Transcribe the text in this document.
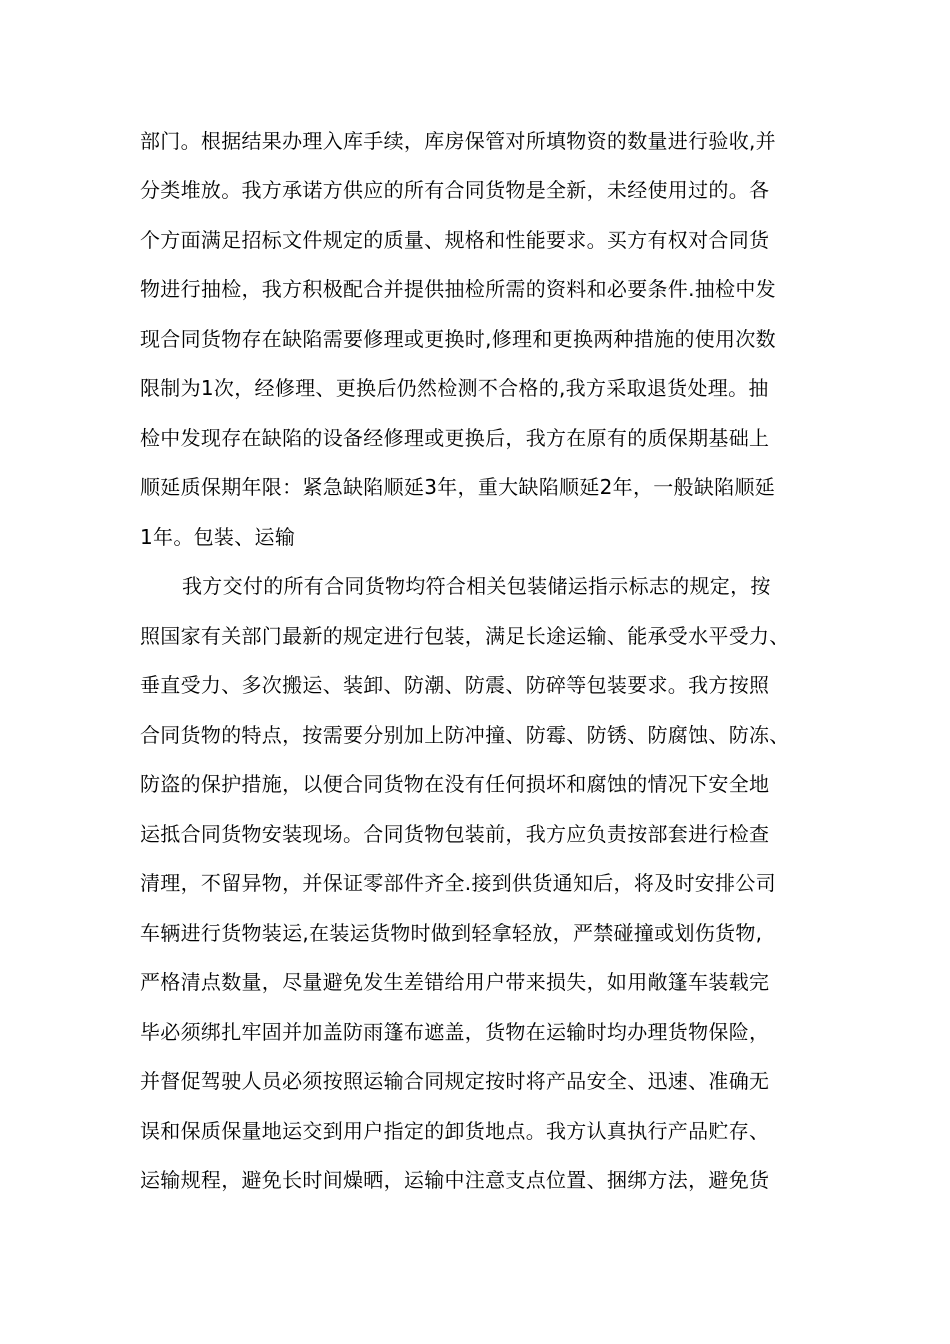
部门。根据结果办理入库手续，库房保管对所填物资的数量进行验收,并
分类堆放。我方承诺方供应的所有合同货物是全新，未经使用过的。各
个方面满足招标文件规定的质量、规格和性能要求。买方有权对合同货
物进行抽检，我方积极配合并提供抽检所需的资料和必要条件.抽检中发
现合同货物存在缺陷需要修理或更换时,修理和更换两种措施的使用次数
限制为1次，经修理、更换后仍然检测不合格的,我方采取退货处理。抽
检中发现存在缺陷的设备经修理或更换后，我方在原有的质保期基础上
顺延质保期年限：紧急缺陷顺延3年，重大缺陷顺延2年，一般缺陷顺延
1年。包装、运输
我方交付的所有合同货物均符合相关包装储运指示标志的规定，按
照国家有关部门最新的规定进行包装，满足长途运输、能承受水平受力、
垂直受力、多次搬运、装卸、防潮、防震、防碎等包装要求。我方按照
合同货物的特点，按需要分别加上防冲撞、防霉、防锈、防腐蚀、防冻、
防盗的保护措施，以便合同货物在没有任何损坏和腐蚀的情况下安全地
运抵合同货物安装现场。合同货物包装前，我方应负责按部套进行检查
清理，不留异物，并保证零部件齐全.接到供货通知后，将及时安排公司
车辆进行货物装运,在装运货物时做到轻拿轻放，严禁碰撞或划伤货物,
严格清点数量，尽量避免发生差错给用户带来损失，如用敞篷车装载完
毕必须绑扎牢固并加盖防雨篷布遮盖，货物在运输时均办理货物保险，
并督促驾驶人员必须按照运输合同规定按时将产品安全、迅速、准确无
误和保质保量地运交到用户指定的卸货地点。我方认真执行产品贮存、
运输规程，避免长时间燥晒，运输中注意支点位置、捆绑方法，避免货
